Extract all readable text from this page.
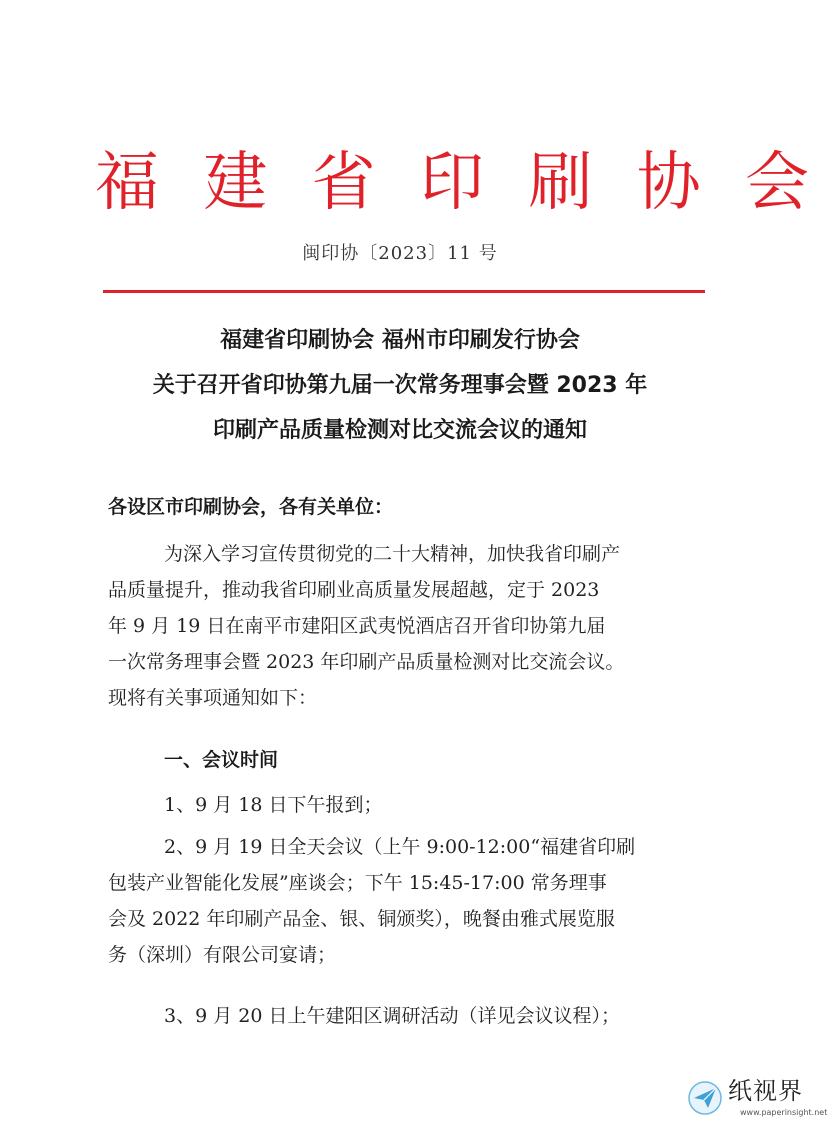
福 建 省 印 刷 协 会
闽印协〔2023〕11 号
福建省印刷协会 福州市印刷发行协会
关于召开省印协第九届一次常务理事会暨 2023 年
印刷产品质量检测对比交流会议的通知
各设区市印刷协会，各有关单位：
为深入学习宣传贯彻党的二十大精神，加快我省印刷产
品质量提升，推动我省印刷业高质量发展超越，定于 2023
年 9 月 19 日在南平市建阳区武夷悦酒店召开省印协第九届
一次常务理事会暨 2023 年印刷产品质量检测对比交流会议。
现将有关事项通知如下：
一、会议时间
1、9 月 18 日下午报到；
2、9 月 19 日全天会议（上午 9:00-12:00“福建省印刷
包装产业智能化发展”座谈会；下午 15:45-17:00 常务理事
会及 2022 年印刷产品金、银、铜颁奖），晚餐由雅式展览服
务（深圳）有限公司宴请；
3、9 月 20 日上午建阳区调研活动（详见会议议程）；
纸视界
www.paperinsight.net
